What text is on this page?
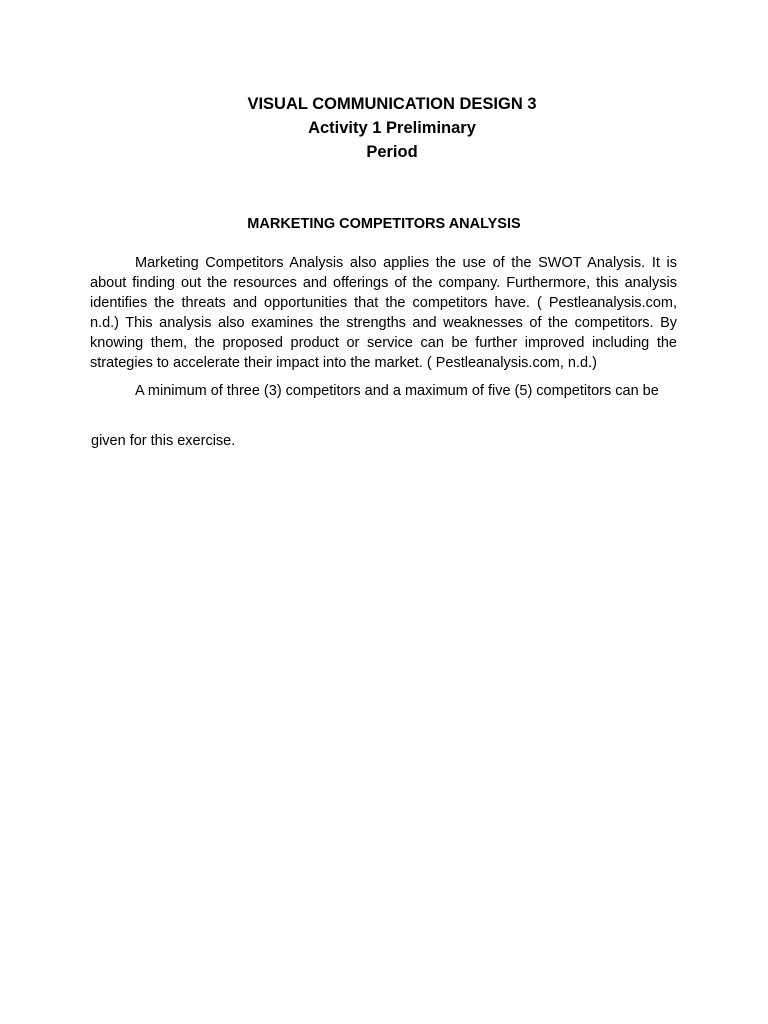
VISUAL COMMUNICATION DESIGN 3
Activity 1 Preliminary
Period
MARKETING COMPETITORS ANALYSIS

Marketing Competitors Analysis also applies the use of the SWOT Analysis. It is about finding out the resources and offerings of the company. Furthermore, this analysis identifies the threats and opportunities that the competitors have. ( Pestleanalysis.com, n.d.) This analysis also examines the strengths and weaknesses of the competitors. By knowing them, the proposed product or service can be further improved including the strategies to accelerate their impact into the market. ( Pestleanalysis.com, n.d.)

A minimum of three (3) competitors and a maximum of five (5) competitors can be

given for this exercise.
